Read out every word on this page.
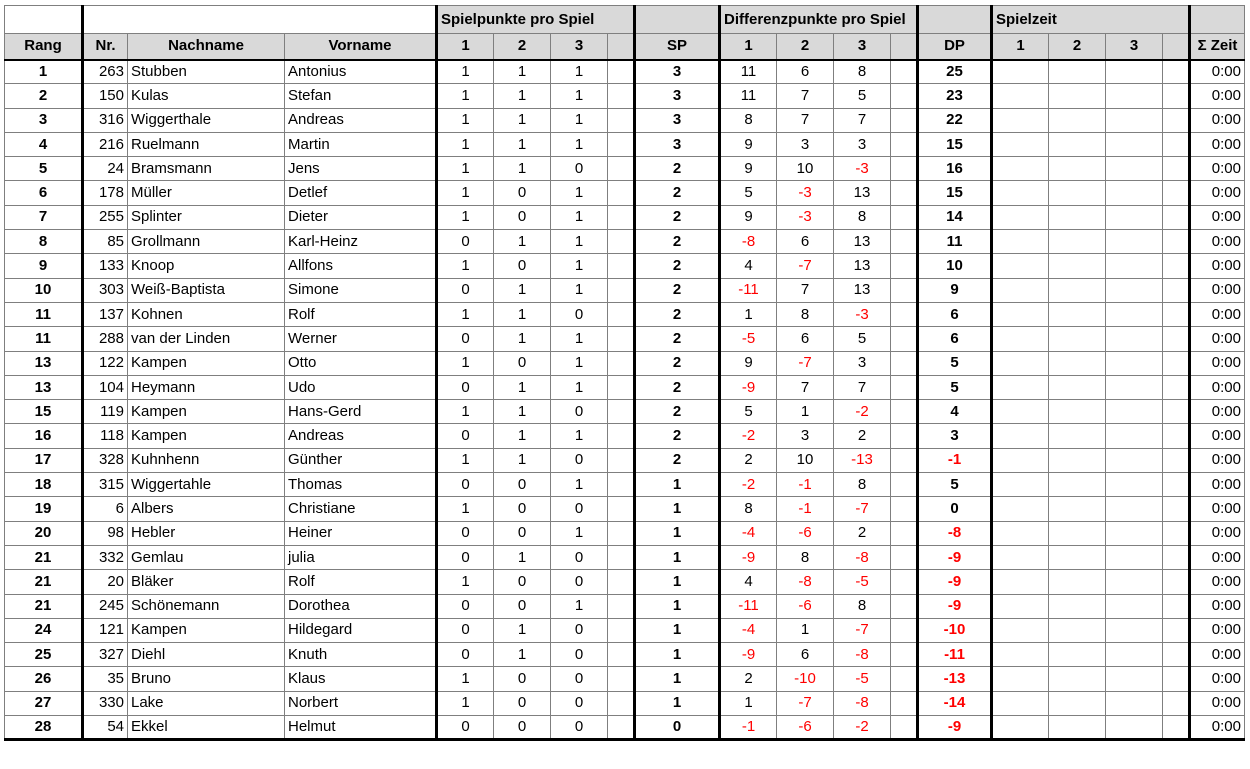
				Spielpunkte pro Spiel					Differenzpunkte pro Spiel					Spielzeit				
Rang	Nr.	Nachname	Vorname	1	2	3		SP	1	2	3		DP	1	2	3		Σ Zeit
1	263	Stubben	Antonius	1	1	1		3	11	6	8		25					0:00
2	150	Kulas	Stefan	1	1	1		3	11	7	5		23					0:00
3	316	Wiggerthale	Andreas	1	1	1		3	8	7	7		22					0:00
4	216	Ruelmann	Martin	1	1	1		3	9	3	3		15					0:00
5	24	Bramsmann	Jens	1	1	0		2	9	10	-3		16					0:00
6	178	Müller	Detlef	1	0	1		2	5	-3	13		15					0:00
7	255	Splinter	Dieter	1	0	1		2	9	-3	8		14					0:00
8	85	Grollmann	Karl-Heinz	0	1	1		2	-8	6	13		11					0:00
9	133	Knoop	Allfons	1	0	1		2	4	-7	13		10					0:00
10	303	Weiß-Baptista	Simone	0	1	1		2	-11	7	13		9					0:00
11	137	Kohnen	Rolf	1	1	0		2	1	8	-3		6					0:00
11	288	van der Linden	Werner	0	1	1		2	-5	6	5		6					0:00
13	122	Kampen	Otto	1	0	1		2	9	-7	3		5					0:00
13	104	Heymann	Udo	0	1	1		2	-9	7	7		5					0:00
15	119	Kampen	Hans-Gerd	1	1	0		2	5	1	-2		4					0:00
16	118	Kampen	Andreas	0	1	1		2	-2	3	2		3					0:00
17	328	Kuhnhenn	Günther	1	1	0		2	2	10	-13		-1					0:00
18	315	Wiggertahle	Thomas	0	0	1		1	-2	-1	8		5					0:00
19	6	Albers	Christiane	1	0	0		1	8	-1	-7		0					0:00
20	98	Hebler	Heiner	0	0	1		1	-4	-6	2		-8					0:00
21	332	Gemlau	julia	0	1	0		1	-9	8	-8		-9					0:00
21	20	Bläker	Rolf	1	0	0		1	4	-8	-5		-9					0:00
21	245	Schönemann	Dorothea	0	0	1		1	-11	-6	8		-9					0:00
24	121	Kampen	Hildegard	0	1	0		1	-4	1	-7		-10					0:00
25	327	Diehl	Knuth	0	1	0		1	-9	6	-8		-11					0:00
26	35	Bruno	Klaus	1	0	0		1	2	-10	-5		-13					0:00
27	330	Lake	Norbert	1	0	0		1	1	-7	-8		-14					0:00
28	54	Ekkel	Helmut	0	0	0		0	-1	-6	-2		-9					0:00
